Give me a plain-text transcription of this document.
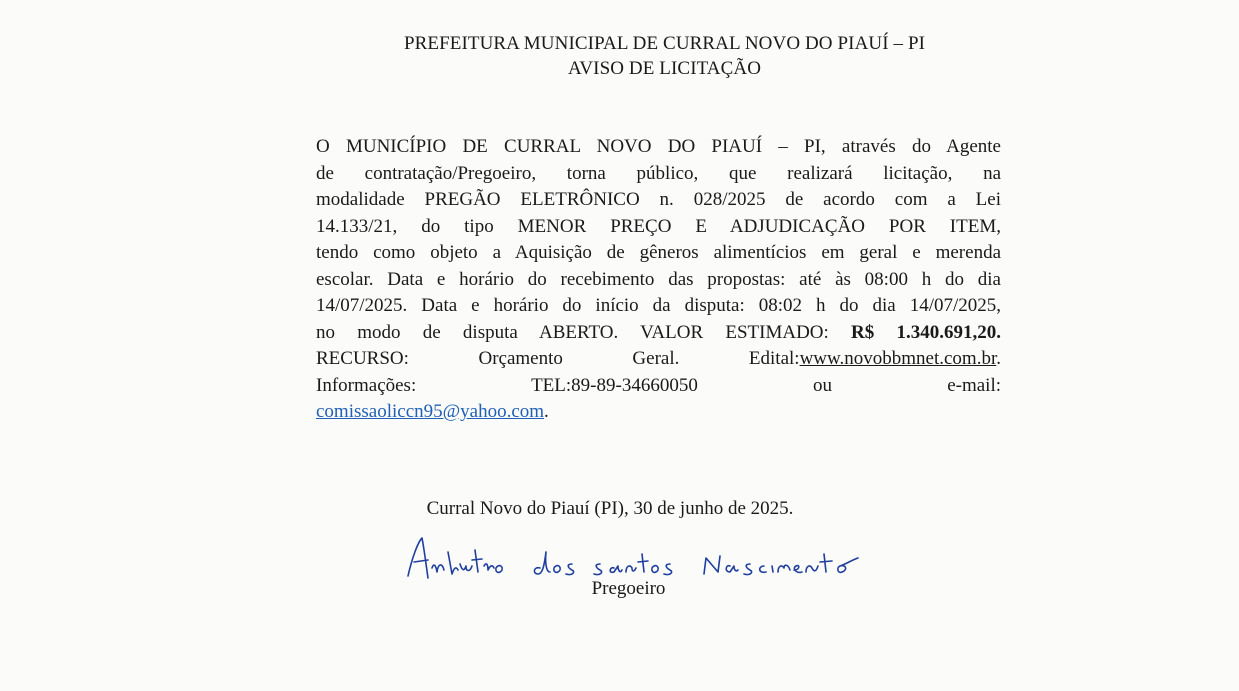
PREFEITURA MUNICIPAL DE CURRAL NOVO DO PIAUÍ – PI
AVISO DE LICITAÇÃO
O MUNICÍPIO DE CURRAL NOVO DO PIAUÍ – PI, através do Agente
de contratação/Pregoeiro, torna público, que realizará licitação, na
modalidade PREGÃO ELETRÔNICO n. 028/2025 de acordo com a Lei
14.133/21, do tipo MENOR PREÇO E ADJUDICAÇÃO POR ITEM,
tendo como objeto a Aquisição de gêneros alimentícios em geral e merenda
escolar. Data e horário do recebimento das propostas: até às 08:00 h do dia
14/07/2025. Data e horário do início da disputa: 08:02 h do dia 14/07/2025,
no modo de disputa ABERTO. VALOR ESTIMADO: R$ 1.340.691,20.
RECURSO:	Orçamento	Geral.	Edital:www.novobbmnet.com.br.
Informações:	TEL:89-89-34660050	ou	e-mail:
comissaoliccn95@yahoo.com.
Curral Novo do Piauí (PI), 30 de junho de 2025.
Pregoeiro
